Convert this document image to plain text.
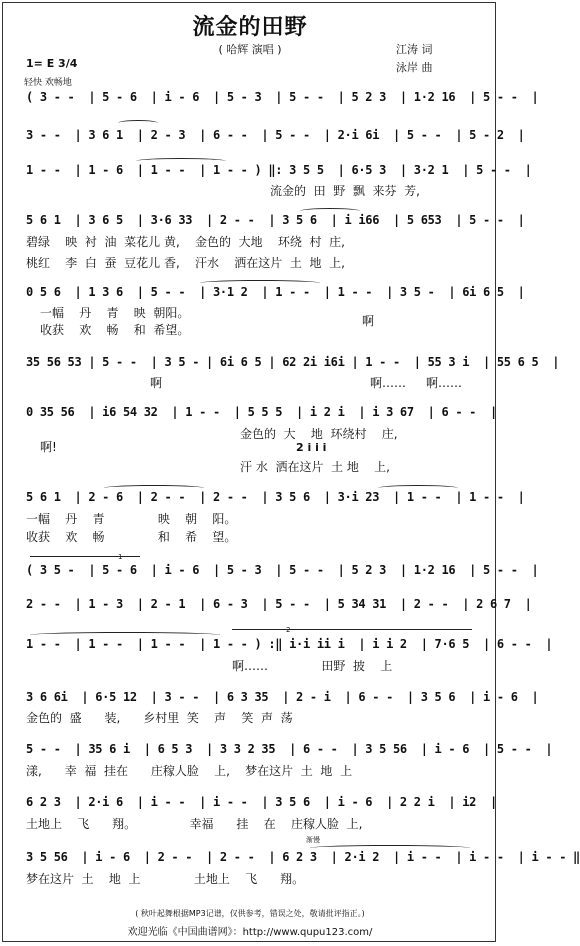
流金的田野
( 哈辉 演唱 )	江涛 词
泳岸 曲
1= E 3/4
轻快 欢畅地
( 3 - -  | 5 - 6  | i - 6  | 5 - 3  | 5 - -  | 5 2 3  | 1·2 16  | 5 - -  |
3 - -  | 3 6 1  | 2 - 3  | 6 - -  | 5 - -  | 2·i 6i  | 5 - -  | 5 - 2  |
1 - -  | 1 - 6  | 1 - -  | 1 - - ) ‖: 3 5 5  | 6·5 3  | 3·2 1  | 5 - -  |
5 6 1  | 3 6 5  | 3·6 33  | 2 - -  | 3 5 6  | i i66  | 5 653  | 5 - -  |
0 5 6  | 1 3 6  | 5 - -  | 3·1 2  | 1 - -  | 1 - -  | 3 5 -  | 6i 6 5  |
35 56 53 | 5 - -  | 3 5 - | 6i 6 5 | 62 2i i6i | 1 - -  | 55 3 i  | 55 6 5  |
0 35 56  | i6 54 32  | 1 - -  | 5 5 5  | i 2 i  | i 3 67  | 6 - -  |
5 6 1  | 2 - 6  | 2 - -  | 2 - -  | 3 5 6  | 3·i 23  | 1 - -  | 1 - -  |
( 3 5 -  | 5 - 6  | i - 6  | 5 - 3  | 5 - -  | 5 2 3  | 1·2 16  | 5 - -  |
2 - -  | 1 - 3  | 2 - 1  | 6 - 3  | 5 - -  | 5 34 31  | 2 - -  | 2 6 7  |
1 - -  | 1 - -  | 1 - -  | 1 - - ) :‖ i·i ii i  | i i 2  | 7·6 5  | 6 - -  |
3 6 6i  | 6·5 12  | 3 - -  | 6 3 35  | 2 - i  | 6 - -  | 3 5 6  | i - 6  |
5 - -  | 35 6 i  | 6 5 3  | 3 3 2 35  | 6 - -  | 3 5 56  | i - 6  | 5 - -  |
6 2 3  | 2·i 6  | i - -  | i - -  | 3 5 6  | i - 6  | 2 2 i  | i2  |
3 5 56  | i - 6  | 2 - -  | 2 - -  | 6 2 3  | 2·i 2  | i - -  | i - -  | i - - ‖
流金的  田  野  飘  来芬  芳,
碧绿    映  衬  油  菜花儿 黄,    金色的  大地    环绕  村  庄,
桃红    李  白  蚕  豆花儿 香,    汗水    洒在这片  土  地  上,
一幅    丹    青    映  朝阳。
收获    欢    畅    和  希望。
啊
啊	啊…… 啊……
啊!
金色的  大    地  环绕村    庄,
汗 水  洒在这片  土 地    上,
2 i i i
一幅    丹    青              映    朝    阳。
收获    欢    畅              和    希    望。
啊……              田野  披    上
金色的  盛      装,      乡村里  笑    声    笑  声  荡
漾,      幸  福  挂在      庄稼人脸    上,    梦在这片  土  地  上
土地上    飞      翔。              幸福      挂    在    庄稼人脸  上,
梦在这片  土    地  上              土地上    飞      翔。
渐慢
1
2
( 秋叶起舞根据MP3记谱，仅供参考，错误之处，敬请批评指正。)
欢迎光临《中国曲谱网》：http://www.qupu123.com/
